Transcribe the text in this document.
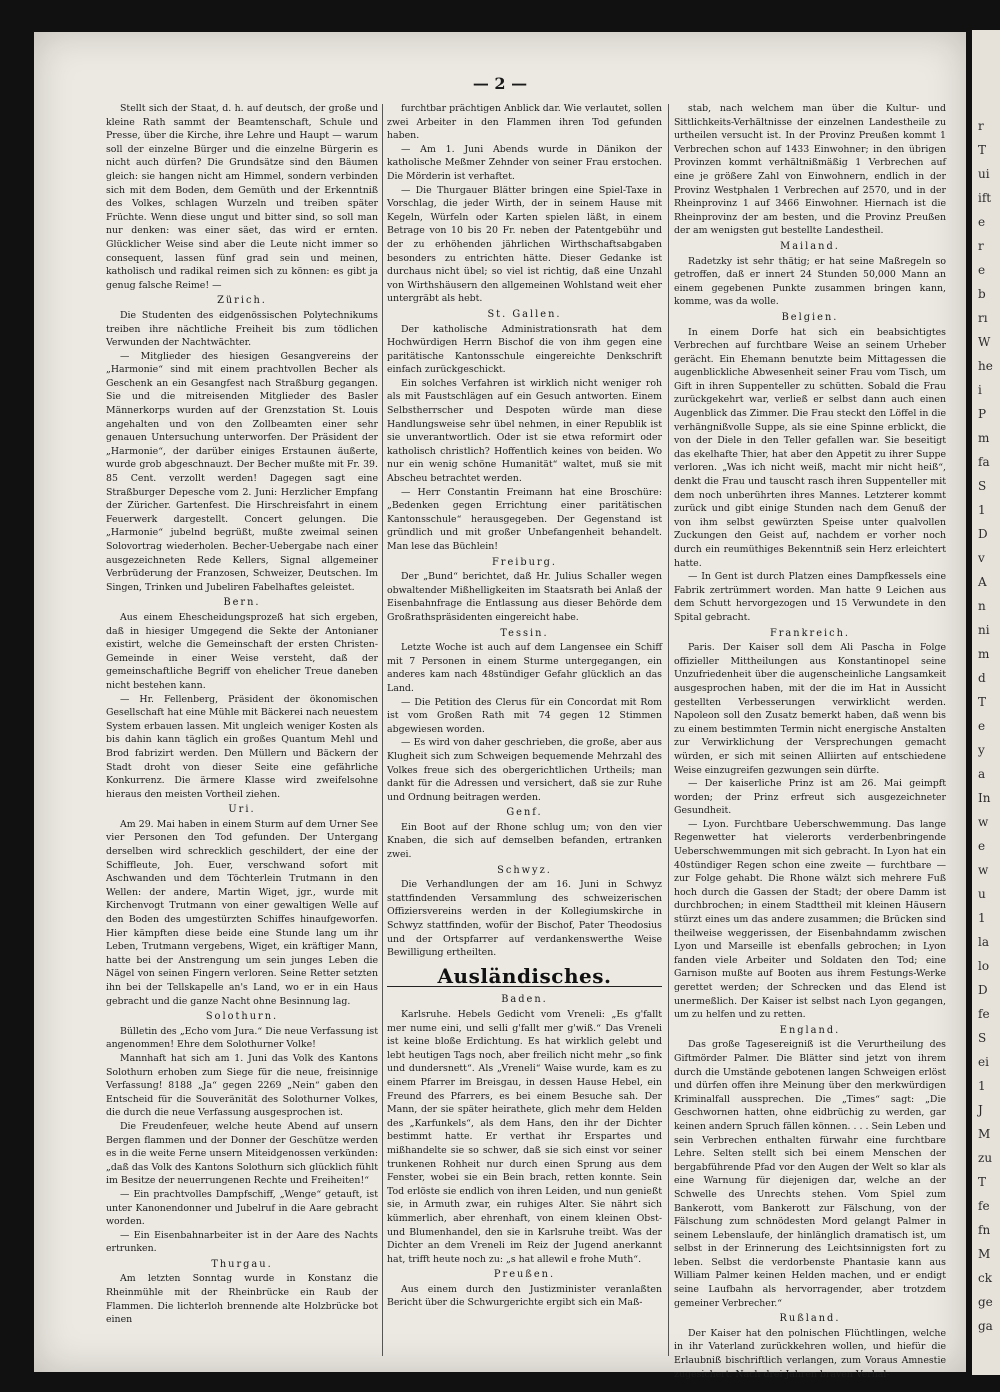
— 2 —

Stellt sich der Staat, d. h. auf deutsch, der große und kleine Rath sammt der Beamtenschaft, Schule und Presse, über die Kirche, ihre Lehre und Haupt — warum soll der einzelne Bürger und die einzelne Bürgerin es nicht auch dürfen? Die Grundsätze sind den Bäumen gleich: sie hangen nicht am Himmel, sondern verbinden sich mit dem Boden, dem Gemüth und der Erkenntniß des Volkes, schlagen Wurzeln und treiben später Früchte. Wenn diese ungut und bitter sind, so soll man nur denken: was einer säet, das wird er ernten. Glücklicher Weise sind aber die Leute nicht immer so consequent, lassen fünf grad sein und meinen, katholisch und radikal reimen sich zu können: es gibt ja genug falsche Reime! —

Zürich.

Die Studenten des eidgenössischen Polytechnikums treiben ihre nächtliche Freiheit bis zum tödlichen Verwunden der Nachtwächter.

— Mitglieder des hiesigen Gesangvereins der „Harmonie“ sind mit einem prachtvollen Becher als Geschenk an ein Gesangfest nach Straßburg gegangen. Sie und die mitreisenden Mitglieder des Basler Männerkorps wurden auf der Grenzstation St. Louis angehalten und von den Zollbeamten einer sehr genauen Untersuchung unterworfen. Der Präsident der „Harmonie“, der darüber einiges Erstaunen äußerte, wurde grob abgeschnauzt. Der Becher mußte mit Fr. 39. 85 Cent. verzollt werden! Dagegen sagt eine Straßburger Depesche vom 2. Juni: Herzlicher Empfang der Züricher. Gartenfest. Die Hirschreisfahrt in einem Feuerwerk dargestellt. Concert gelungen. Die „Harmonie“ jubelnd begrüßt, mußte zweimal seinen Solovortrag wiederholen. Becher-Uebergabe nach einer ausgezeichneten Rede Kellers, Signal allgemeiner Verbrüderung der Franzosen, Schweizer, Deutschen. Im Singen, Trinken und Jubeliren Fabelhaftes geleistet.

Bern.

Aus einem Ehescheidungsprozeß hat sich ergeben, daß in hiesiger Umgegend die Sekte der Antonianer existirt, welche die Gemeinschaft der ersten Christen-Gemeinde in einer Weise versteht, daß der gemeinschaftliche Begriff von ehelicher Treue daneben nicht bestehen kann.

— Hr. Fellenberg, Präsident der ökonomischen Gesellschaft hat eine Mühle mit Bäckerei nach neuestem System erbauen lassen. Mit ungleich weniger Kosten als bis dahin kann täglich ein großes Quantum Mehl und Brod fabrizirt werden. Den Müllern und Bäckern der Stadt droht von dieser Seite eine gefährliche Konkurrenz. Die ärmere Klasse wird zweifelsohne hieraus den meisten Vortheil ziehen.

Uri.

Am 29. Mai haben in einem Sturm auf dem Urner See vier Personen den Tod gefunden. Der Untergang derselben wird schrecklich geschildert, der eine der Schiffleute, Joh. Euer, verschwand sofort mit Aschwanden und dem Töchterlein Trutmann in den Wellen: der andere, Martin Wiget, jgr., wurde mit Kirchenvogt Trutmann von einer gewaltigen Welle auf den Boden des umgestürzten Schiffes hinaufgeworfen. Hier kämpften diese beide eine Stunde lang um ihr Leben, Trutmann vergebens, Wiget, ein kräftiger Mann, hatte bei der Anstrengung um sein junges Leben die Nägel von seinen Fingern verloren. Seine Retter setzten ihn bei der Tellskapelle an's Land, wo er in ein Haus gebracht und die ganze Nacht ohne Besinnung lag.

Solothurn.

Bülletin des „Echo vom Jura.“ Die neue Verfassung ist angenommen! Ehre dem Solothurner Volke!

Mannhaft hat sich am 1. Juni das Volk des Kantons Solothurn erhoben zum Siege für die neue, freisinnige Verfassung! 8188 „Ja“ gegen 2269 „Nein“ gaben den Entscheid für die Souveränität des Solothurner Volkes, die durch die neue Verfassung ausgesprochen ist.

Die Freudenfeuer, welche heute Abend auf unsern Bergen flammen und der Donner der Geschütze werden es in die weite Ferne unsern Miteidgenossen verkünden: „daß das Volk des Kantons Solothurn sich glücklich fühlt im Besitze der neuerrungenen Rechte und Freiheiten!“

— Ein prachtvolles Dampfschiff, „Wenge“ getauft, ist unter Kanonendonner und Jubelruf in die Aare gebracht worden.

— Ein Eisenbahnarbeiter ist in der Aare des Nachts ertrunken.

Thurgau.

Am letzten Sonntag wurde in Konstanz die Rheinmühle mit der Rheinbrücke ein Raub der Flammen. Die lichterloh brennende alte Holzbrücke bot einen

furchtbar prächtigen Anblick dar. Wie verlautet, sollen zwei Arbeiter in den Flammen ihren Tod gefunden haben.

— Am 1. Juni Abends wurde in Dänikon der katholische Meßmer Zehnder von seiner Frau erstochen. Die Mörderin ist verhaftet.

— Die Thurgauer Blätter bringen eine Spiel-Taxe in Vorschlag, die jeder Wirth, der in seinem Hause mit Kegeln, Würfeln oder Karten spielen läßt, in einem Betrage von 10 bis 20 Fr. neben der Patentgebühr und der zu erhöhenden jährlichen Wirthschaftsabgaben besonders zu entrichten hätte. Dieser Gedanke ist durchaus nicht übel; so viel ist richtig, daß eine Unzahl von Wirthshäusern den allgemeinen Wohlstand weit eher untergräbt als hebt.

St. Gallen.

Der katholische Administrationsrath hat dem Hochwürdigen Herrn Bischof die von ihm gegen eine paritätische Kantonsschule eingereichte Denkschrift einfach zurückgeschickt.

Ein solches Verfahren ist wirklich nicht weniger roh als mit Faustschlägen auf ein Gesuch antworten. Einem Selbstherrscher und Despoten würde man diese Handlungsweise sehr übel nehmen, in einer Republik ist sie unverantwortlich. Oder ist sie etwa reformirt oder katholisch christlich? Hoffentlich keines von beiden. Wo nur ein wenig schöne Humanität“ waltet, muß sie mit Abscheu betrachtet werden.

— Herr Constantin Freimann hat eine Broschüre: „Bedenken gegen Errichtung einer paritätischen Kantonsschule“ herausgegeben. Der Gegenstand ist gründlich und mit großer Unbefangenheit behandelt. Man lese das Büchlein!

Freiburg.

Der „Bund“ berichtet, daß Hr. Julius Schaller wegen obwaltender Mißhelligkeiten im Staatsrath bei Anlaß der Eisenbahnfrage die Entlassung aus dieser Behörde dem Großrathspräsidenten eingereicht habe.

Tessin.

Letzte Woche ist auch auf dem Langensee ein Schiff mit 7 Personen in einem Sturme untergegangen, ein anderes kam nach 48stündiger Gefahr glücklich an das Land.

— Die Petition des Clerus für ein Concordat mit Rom ist vom Großen Rath mit 74 gegen 12 Stimmen abgewiesen worden.

— Es wird von daher geschrieben, die große, aber aus Klugheit sich zum Schweigen bequemende Mehrzahl des Volkes freue sich des obergerichtlichen Urtheils; man dankt für die Adressen und versichert, daß sie zur Ruhe und Ordnung beitragen werden.

Genf.

Ein Boot auf der Rhone schlug um; von den vier Knaben, die sich auf demselben befanden, ertranken zwei.

Schwyz.

Die Verhandlungen der am 16. Juni in Schwyz stattfindenden Versammlung des schweizerischen Offiziersvereins werden in der Kollegiumskirche in Schwyz stattfinden, wofür der Bischof, Pater Theodosius und der Ortspfarrer auf verdankenswerthe Weise Bewilligung ertheilten.

Ausländisches.
Baden.

Karlsruhe. Hebels Gedicht vom Vreneli: „Es g'fallt mer nume eini, und selli g'fallt mer g'wiß.“ Das Vreneli ist keine bloße Erdichtung. Es hat wirklich gelebt und lebt heutigen Tags noch, aber freilich nicht mehr „so fink und dundersnett“. Als „Vreneli“ Waise wurde, kam es zu einem Pfarrer im Breisgau, in dessen Hause Hebel, ein Freund des Pfarrers, es bei einem Besuche sah. Der Mann, der sie später heirathete, glich mehr dem Helden des „Karfunkels“, als dem Hans, den ihr der Dichter bestimmt hatte. Er verthat ihr Erspartes und mißhandelte sie so schwer, daß sie sich einst vor seiner trunkenen Rohheit nur durch einen Sprung aus dem Fenster, wobei sie ein Bein brach, retten konnte. Sein Tod erlöste sie endlich von ihren Leiden, und nun genießt sie, in Armuth zwar, ein ruhiges Alter. Sie nährt sich kümmerlich, aber ehrenhaft, von einem kleinen Obst- und Blumenhandel, den sie in Karlsruhe treibt. Was der Dichter an dem Vreneli im Reiz der Jugend anerkannt hat, trifft heute noch zu: „s hat allewil e frohe Muth“.

Preußen.

Aus einem durch den Justizminister veranlaßten Bericht über die Schwurgerichte ergibt sich ein Maß-

stab, nach welchem man über die Kultur- und Sittlichkeits-Verhältnisse der einzelnen Landestheile zu urtheilen versucht ist. In der Provinz Preußen kommt 1 Verbrechen schon auf 1433 Einwohner; in den übrigen Provinzen kommt verhältnißmäßig 1 Verbrechen auf eine je größere Zahl von Einwohnern, endlich in der Provinz Westphalen 1 Verbrechen auf 2570, und in der Rheinprovinz 1 auf 3466 Einwohner. Hiernach ist die Rheinprovinz der am besten, und die Provinz Preußen der am wenigsten gut bestellte Landestheil.

Mailand.

Radetzky ist sehr thätig; er hat seine Maßregeln so getroffen, daß er innert 24 Stunden 50,000 Mann an einem gegebenen Punkte zusammen bringen kann, komme, was da wolle.

Belgien.

In einem Dorfe hat sich ein beabsichtigtes Verbrechen auf furchtbare Weise an seinem Urheber gerächt. Ein Ehemann benutzte beim Mittagessen die augenblickliche Abwesenheit seiner Frau vom Tisch, um Gift in ihren Suppenteller zu schütten. Sobald die Frau zurückgekehrt war, verließ er selbst dann auch einen Augenblick das Zimmer. Die Frau steckt den Löffel in die verhängnißvolle Suppe, als sie eine Spinne erblickt, die von der Diele in den Teller gefallen war. Sie beseitigt das ekelhafte Thier, hat aber den Appetit zu ihrer Suppe verloren. „Was ich nicht weiß, macht mir nicht heiß“, denkt die Frau und tauscht rasch ihren Suppenteller mit dem noch unberührten ihres Mannes. Letzterer kommt zurück und gibt einige Stunden nach dem Genuß der von ihm selbst gewürzten Speise unter qualvollen Zuckungen den Geist auf, nachdem er vorher noch durch ein reumüthiges Bekenntniß sein Herz erleichtert hatte.

— In Gent ist durch Platzen eines Dampfkessels eine Fabrik zertrümmert worden. Man hatte 9 Leichen aus dem Schutt hervorgezogen und 15 Verwundete in den Spital gebracht.

Frankreich.

Paris. Der Kaiser soll dem Ali Pascha in Folge offizieller Mittheilungen aus Konstantinopel seine Unzufriedenheit über die augenscheinliche Langsamkeit ausgesprochen haben, mit der die im Hat in Aussicht gestellten Verbesserungen verwirklicht werden. Napoleon soll den Zusatz bemerkt haben, daß wenn bis zu einem bestimmten Termin nicht energische Anstalten zur Verwirklichung der Versprechungen gemacht würden, er sich mit seinen Alliirten auf entschiedene Weise einzugreifen gezwungen sein dürfte.

— Der kaiserliche Prinz ist am 26. Mai geimpft worden; der Prinz erfreut sich ausgezeichneter Gesundheit.

— Lyon. Furchtbare Ueberschwemmung. Das lange Regenwetter hat vielerorts verderbenbringende Ueberschwemmungen mit sich gebracht. In Lyon hat ein 40stündiger Regen schon eine zweite — furchtbare — zur Folge gehabt. Die Rhone wälzt sich mehrere Fuß hoch durch die Gassen der Stadt; der obere Damm ist durchbrochen; in einem Stadttheil mit kleinen Häusern stürzt eines um das andere zusammen; die Brücken sind theilweise weggerissen, der Eisenbahndamm zwischen Lyon und Marseille ist ebenfalls gebrochen; in Lyon fanden viele Arbeiter und Soldaten den Tod; eine Garnison mußte auf Booten aus ihrem Festungs-Werke gerettet werden; der Schrecken und das Elend ist unermeßlich. Der Kaiser ist selbst nach Lyon gegangen, um zu helfen und zu retten.

England.

Das große Tagesereigniß ist die Verurtheilung des Giftmörder Palmer. Die Blätter sind jetzt von ihrem durch die Umstände gebotenen langen Schweigen erlöst und dürfen offen ihre Meinung über den merkwürdigen Kriminalfall aussprechen. Die „Times“ sagt: „Die Geschwornen hatten, ohne eidbrüchig zu werden, gar keinen andern Spruch fällen können. . . . Sein Leben und sein Verbrechen enthalten fürwahr eine furchtbare Lehre. Selten stellt sich bei einem Menschen der bergabführende Pfad vor den Augen der Welt so klar als eine Warnung für diejenigen dar, welche an der Schwelle des Unrechts stehen. Vom Spiel zum Bankerott, vom Bankerott zur Fälschung, von der Fälschung zum schnödesten Mord gelangt Palmer in seinem Lebenslaufe, der hinlänglich dramatisch ist, um selbst in der Erinnerung des Leichtsinnigsten fort zu leben. Selbst die verdorbenste Phantasie kann aus William Palmer keinen Helden machen, und er endigt seine Laufbahn als hervorragender, aber trotzdem gemeiner Verbrecher.“

Rußland.

Der Kaiser hat den polnischen Flüchtlingen, welche in ihr Vaterland zurückkehren wollen, und hiefür die Erlaubniß bischriftlich verlangen, zum Voraus Amnestie zugesichert. Nach drei Jahren braven Verhal-

r
T
ui
ift
e
r
e
b
rı
W
he
i
P
m
fa
S
1
D
v
A
n
ni
m
d
T
e
y
a
In
w
e
w
u
1
la
lo
D
fe
S
ei
1
J
M
zu
T
fe
fn
M
ck
ge
ga
